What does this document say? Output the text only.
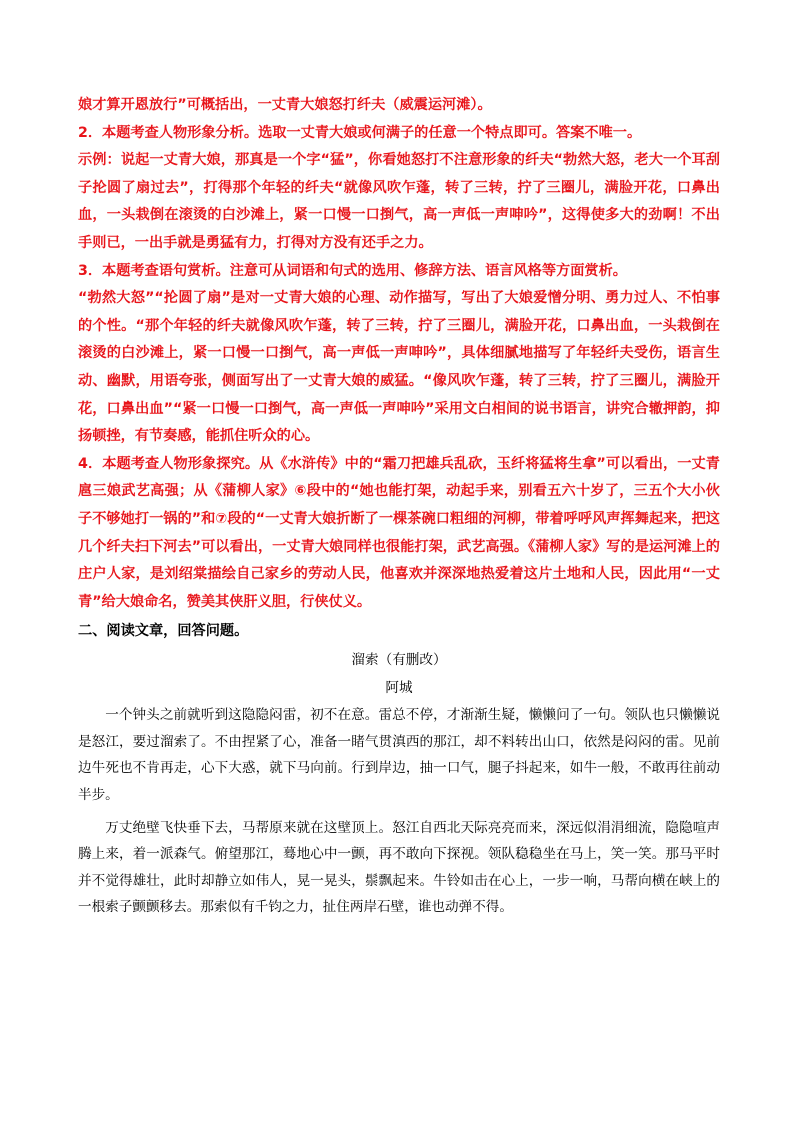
娘才算开恩放行”可概括出，一丈青大娘怒打纤夫（威震运河滩）。

2．本题考查人物形象分析。选取一丈青大娘或何满子的任意一个特点即可。答案不唯一。

示例：说起一丈青大娘，那真是一个字“猛”，你看她怒打不注意形象的纤夫“勃然大怒，老大一个耳刮子抡圆了扇过去”，打得那个年轻的纤夫“就像风吹乍蓬，转了三转，拧了三圈儿，满脸开花，口鼻出血，一头栽倒在滚烫的白沙滩上，紧一口慢一口捯气，高一声低一声呻吟”，这得使多大的劲啊！不出手则已，一出手就是勇猛有力，打得对方没有还手之力。

3．本题考查语句赏析。注意可从词语和句式的选用、修辞方法、语言风格等方面赏析。

“勃然大怒”“抡圆了扇”是对一丈青大娘的心理、动作描写，写出了大娘爱憎分明、勇力过人、不怕事的个性。“那个年轻的纤夫就像风吹乍蓬，转了三转，拧了三圈儿，满脸开花，口鼻出血，一头栽倒在滚烫的白沙滩上，紧一口慢一口捯气，高一声低一声呻吟”，具体细腻地描写了年轻纤夫受伤，语言生动、幽默，用语夸张，侧面写出了一丈青大娘的威猛。“像风吹乍蓬，转了三转，拧了三圈儿，满脸开花，口鼻出血”“紧一口慢一口捯气，高一声低一声呻吟”采用文白相间的说书语言，讲究合辙押韵，抑扬顿挫，有节奏感，能抓住听众的心。

4．本题考查人物形象探究。从《水浒传》中的“霜刀把雄兵乱砍，玉纤将猛将生拿”可以看出，一丈青扈三娘武艺高强；从《蒲柳人家》⑥段中的“她也能打架，动起手来，别看五六十岁了，三五个大小伙子不够她打一锅的”和⑦段的“一丈青大娘折断了一棵茶碗口粗细的河柳，带着呼呼风声挥舞起来，把这几个纤夫扫下河去”可以看出，一丈青大娘同样也很能打架，武艺高强。《蒲柳人家》写的是运河滩上的庄户人家，是刘绍棠描绘自己家乡的劳动人民，他喜欢并深深地热爱着这片土地和人民，因此用“一丈青”给大娘命名，赞美其侠肝义胆，行侠仗义。

二、阅读文章，回答问题。

溜索（有删改）

阿城

一个钟头之前就听到这隐隐闷雷，初不在意。雷总不停，才渐渐生疑，懒懒问了一句。领队也只懒懒说是怒江，要过溜索了。不由捏紧了心，准备一睹气贯滇西的那江，却不料转出山口，依然是闷闷的雷。见前边牛死也不肯再走，心下大惑，就下马向前。行到岸边，抽一口气，腿子抖起来，如牛一般，不敢再往前动半步。

万丈绝壁飞快垂下去，马帮原来就在这壁顶上。怒江自西北天际亮亮而来，深远似涓涓细流，隐隐喧声腾上来，着一派森气。俯望那江，蓦地心中一颤，再不敢向下探视。领队稳稳坐在马上，笑一笑。那马平时并不觉得雄壮，此时却静立如伟人，晃一晃头，鬃飘起来。牛铃如击在心上，一步一响，马帮向横在峡上的一根索子颤颤移去。那索似有千钧之力，扯住两岸石壁，谁也动弹不得。
